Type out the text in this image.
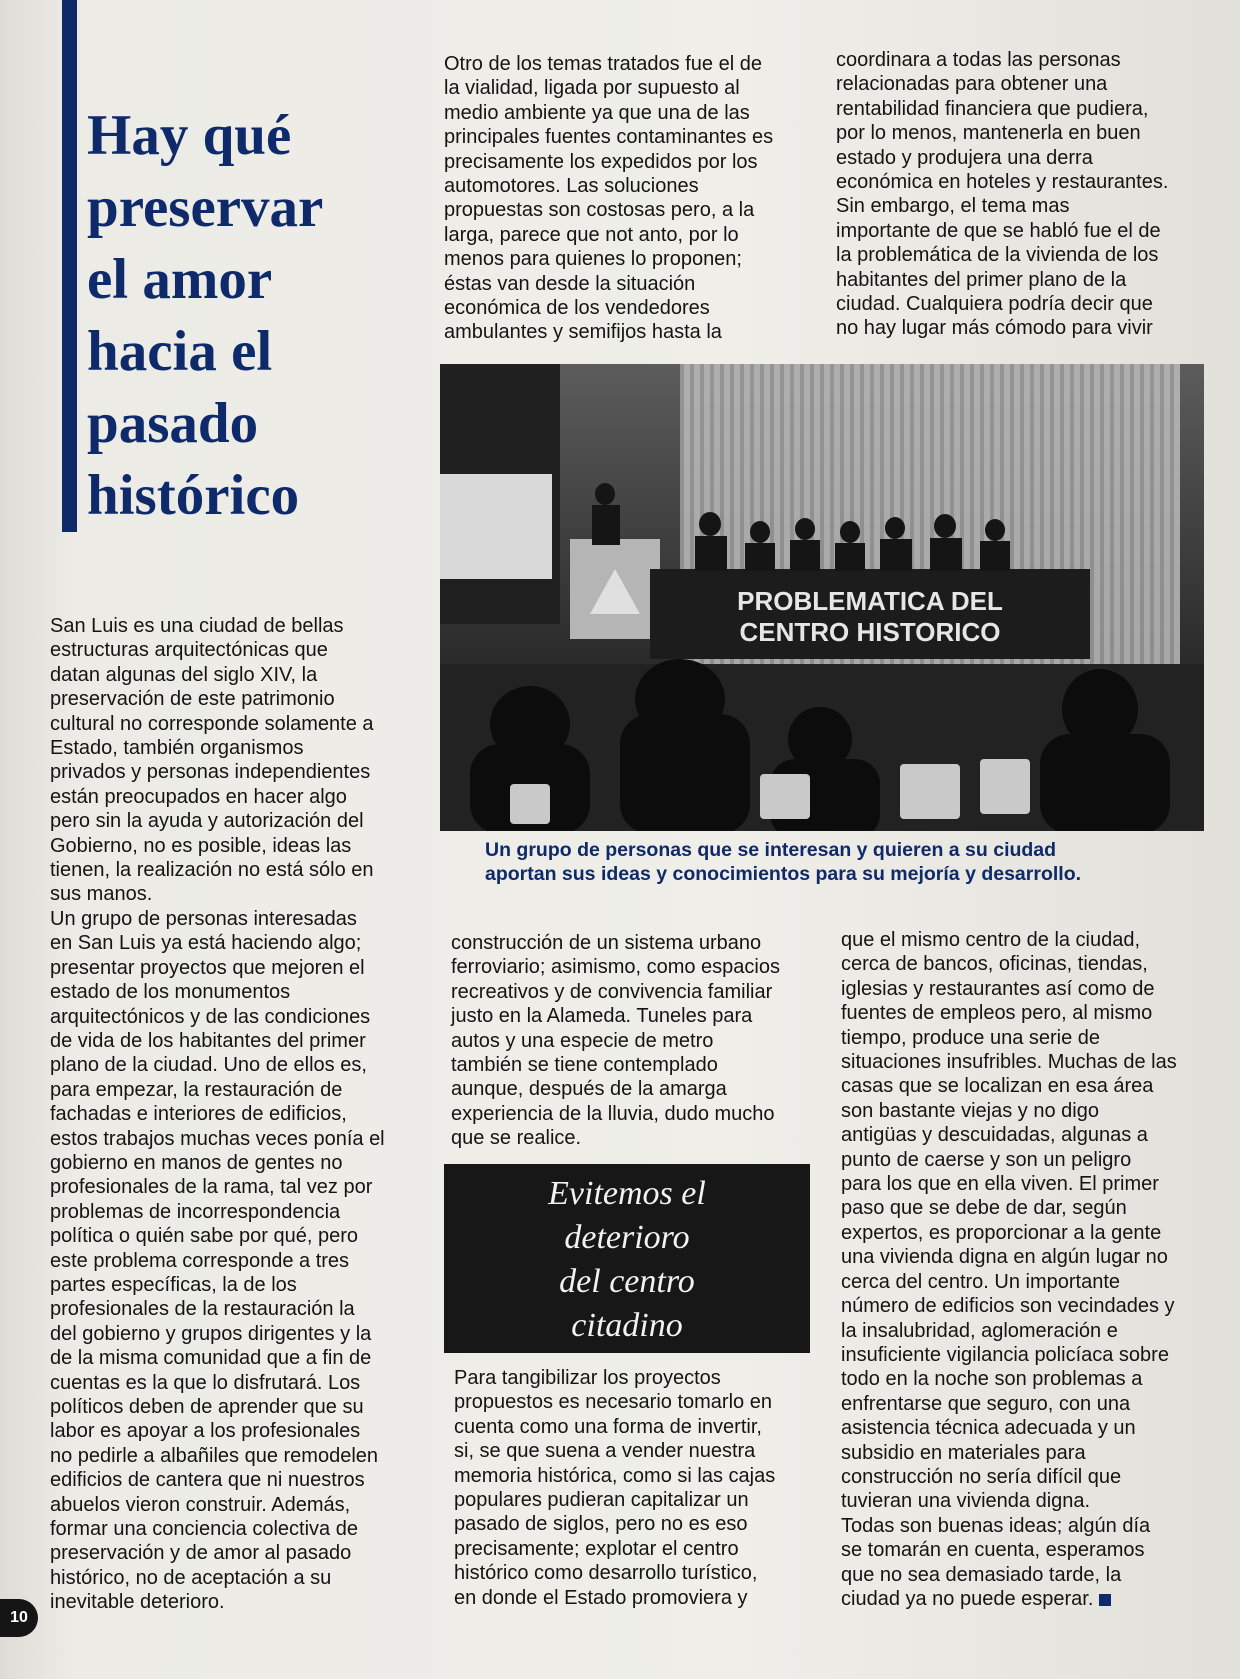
Hay qué
preservar
el amor
hacia el
pasado
histórico

San Luis es una ciudad de bellas
estructuras arquitectónicas que
datan algunas del siglo XIV, la
preservación de este patrimonio
cultural no corresponde solamente a
Estado, también organismos
privados y personas independientes
están preocupados en hacer algo
pero sin la ayuda y autorización del
Gobierno, no es posible, ideas las
tienen, la realización no está sólo en
sus manos.

Un grupo de personas interesadas
en San Luis ya está haciendo algo;
presentar proyectos que mejoren el
estado de los monumentos
arquitectónicos y de las condiciones
de vida de los habitantes del primer
plano de la ciudad. Uno de ellos es,
para empezar, la restauración de
fachadas e interiores de edificios,
estos trabajos muchas veces ponía el
gobierno en manos de gentes no
profesionales de la rama, tal vez por
problemas de incorrespondencia
política o quién sabe por qué, pero
este problema corresponde a tres
partes específicas, la de los
profesionales de la restauración la
del gobierno y grupos dirigentes y la
de la misma comunidad que a fin de
cuentas es la que lo disfrutará. Los
políticos deben de aprender que su
labor es apoyar a los profesionales
no pedirle a albañiles que remodelen
edificios de cantera que ni nuestros
abuelos vieron construir. Además,
formar una conciencia colectiva de
preservación y de amor al pasado
histórico, no de aceptación a su
inevitable deterioro.

Otro de los temas tratados fue el de
la vialidad, ligada por supuesto al
medio ambiente ya que una de las
principales fuentes contaminantes es
precisamente los expedidos por los
automotores. Las soluciones
propuestas son costosas pero, a la
larga, parece que not anto, por lo
menos para quienes lo proponen;
éstas van desde la situación
económica de los vendedores
ambulantes y semifijos hasta la

coordinara a todas las personas
relacionadas para obtener una
rentabilidad financiera que pudiera,
por lo menos, mantenerla en buen
estado y produjera una derra
económica en hoteles y restaurantes.

Sin embargo, el tema mas
importante de que se habló fue el de
la problemática de la vivienda de los
habitantes del primer plano de la
ciudad. Cualquiera podría decir que
no hay lugar más cómodo para vivir

PROBLEMATICA DEL
CENTRO HISTORICO

Un grupo de personas que se interesan y quieren a su ciudad
aportan sus ideas y conocimientos para su mejoría y desarrollo.

construcción de un sistema urbano
ferroviario; asimismo, como espacios
recreativos y de convivencia familiar
justo en la Alameda. Tuneles para
autos y una especie de metro
también se tiene contemplado
aunque, después de la amarga
experiencia de la lluvia, dudo mucho
que se realice.

Evitemos el
deterioro
del centro
citadino

Para tangibilizar los proyectos
propuestos es necesario tomarlo en
cuenta como una forma de invertir,
si, se que suena a vender nuestra
memoria histórica, como si las cajas
populares pudieran capitalizar un
pasado de siglos, pero no es eso
precisamente; explotar el centro
histórico como desarrollo turístico,
en donde el Estado promoviera y

que el mismo centro de la ciudad,
cerca de bancos, oficinas, tiendas,
iglesias y restaurantes así como de
fuentes de empleos pero, al mismo
tiempo, produce una serie de
situaciones insufribles. Muchas de las
casas que se localizan en esa área
son bastante viejas y no digo
antigüas y descuidadas, algunas a
punto de caerse y son un peligro
para los que en ella viven. El primer
paso que se debe de dar, según
expertos, es proporcionar a la gente
una vivienda digna en algún lugar no
cerca del centro. Un importante
número de edificios son vecindades y
la insalubridad, aglomeración e
insuficiente vigilancia policíaca sobre
todo en la noche son problemas a
enfrentarse que seguro, con una
asistencia técnica adecuada y un
subsidio en materiales para
construcción no sería difícil que
tuvieran una vivienda digna.

Todas son buenas ideas; algún día
se tomarán en cuenta, esperamos
que no sea demasiado tarde, la
ciudad ya no puede esperar.

10
